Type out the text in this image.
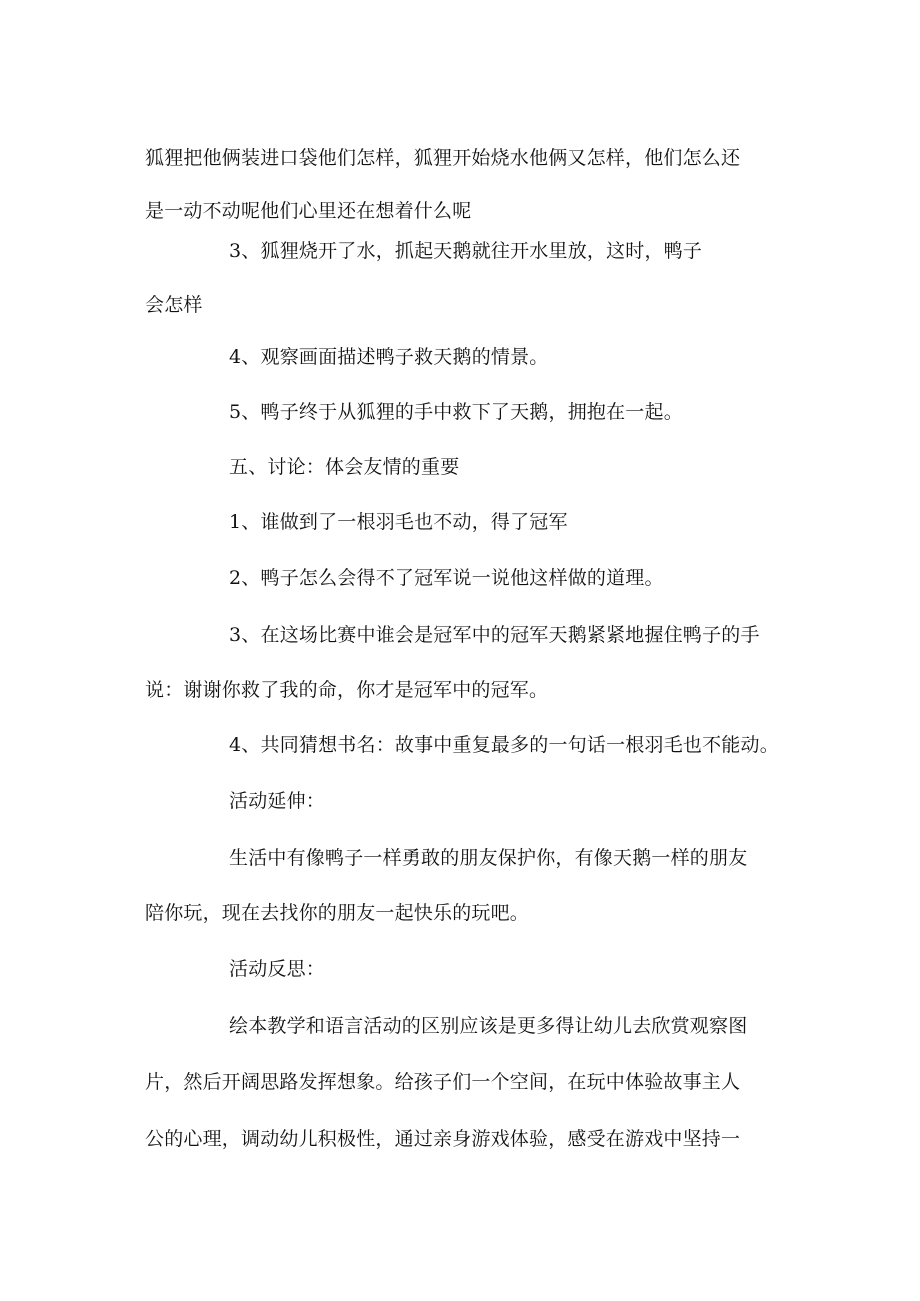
狐狸把他俩装进口袋他们怎样，狐狸开始烧水他俩又怎样，他们怎么还
是一动不动呢他们心里还在想着什么呢
3、狐狸烧开了水，抓起天鹅就往开水里放，这时，鸭子
会怎样
4、观察画面描述鸭子救天鹅的情景。
5、鸭子终于从狐狸的手中救下了天鹅，拥抱在一起。
五、讨论：体会友情的重要
1、谁做到了一根羽毛也不动，得了冠军
2、鸭子怎么会得不了冠军说一说他这样做的道理。
3、在这场比赛中谁会是冠军中的冠军天鹅紧紧地握住鸭子的手
说：谢谢你救了我的命，你才是冠军中的冠军。
4、共同猜想书名：故事中重复最多的一句话一根羽毛也不能动。
活动延伸：
生活中有像鸭子一样勇敢的朋友保护你，有像天鹅一样的朋友
陪你玩，现在去找你的朋友一起快乐的玩吧。
活动反思：
绘本教学和语言活动的区别应该是更多得让幼儿去欣赏观察图
片，然后开阔思路发挥想象。给孩子们一个空间，在玩中体验故事主人
公的心理，调动幼儿积极性，通过亲身游戏体验，感受在游戏中坚持一
